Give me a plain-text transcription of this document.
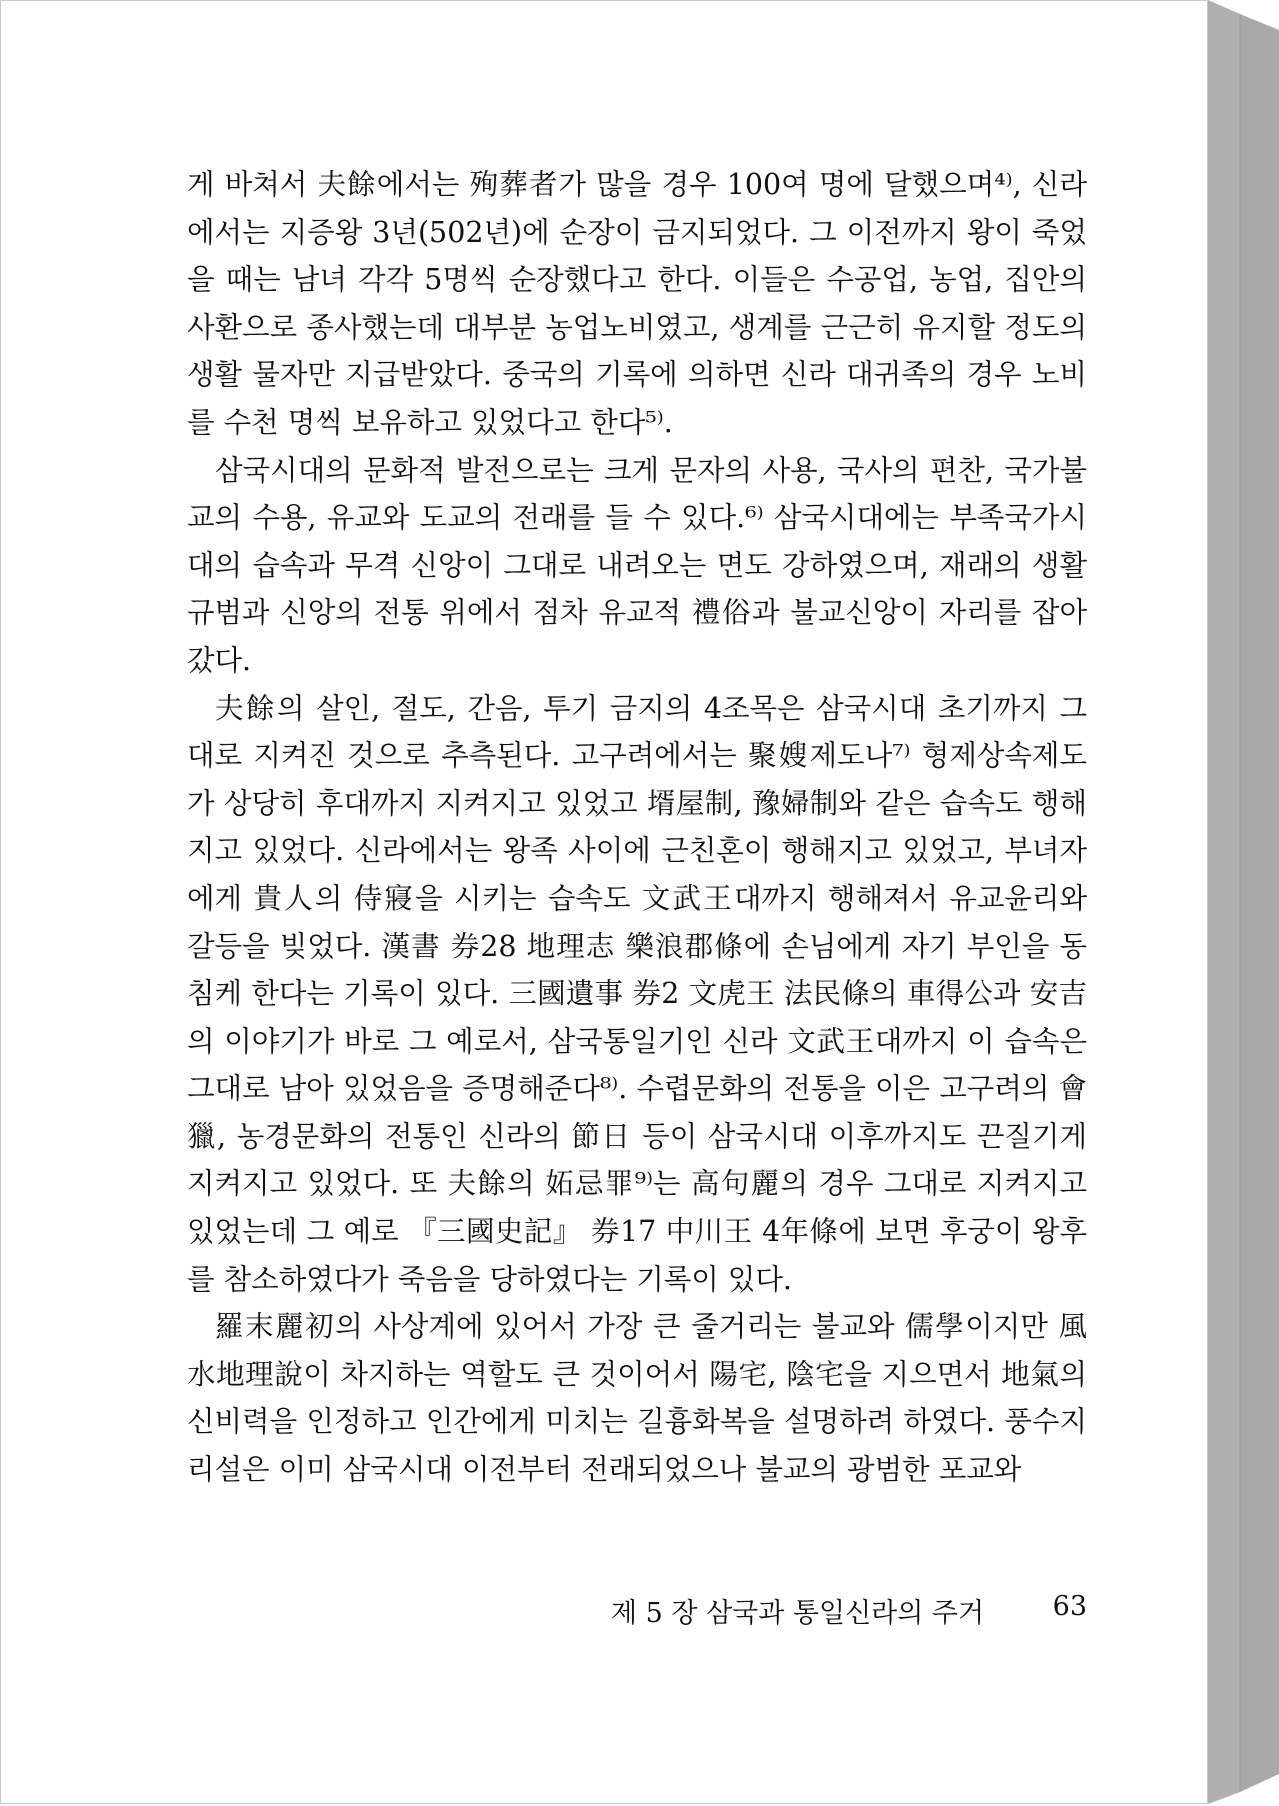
게 바쳐서 夫餘에서는 殉葬者가 많을 경우 100여 명에 달했으며⁴⁾, 신라에서는 지증왕 3년(502년)에 순장이 금지되었다. 그 이전까지 왕이 죽었을 때는 남녀 각각 5명씩 순장했다고 한다. 이들은 수공업, 농업, 집안의 사환으로 종사했는데 대부분 농업노비였고, 생계를 근근히 유지할 정도의 생활 물자만 지급받았다. 중국의 기록에 의하면 신라 대귀족의 경우 노비를 수천 명씩 보유하고 있었다고 한다⁵⁾.

삼국시대의 문화적 발전으로는 크게 문자의 사용, 국사의 편찬, 국가불교의 수용, 유교와 도교의 전래를 들 수 있다.⁶⁾ 삼국시대에는 부족국가시대의 습속과 무격 신앙이 그대로 내려오는 면도 강하였으며, 재래의 생활규범과 신앙의 전통 위에서 점차 유교적 禮俗과 불교신앙이 자리를 잡아 갔다.

夫餘의 살인, 절도, 간음, 투기 금지의 4조목은 삼국시대 초기까지 그대로 지켜진 것으로 추측된다. 고구려에서는 聚嫂제도나⁷⁾ 형제상속제도가 상당히 후대까지 지켜지고 있었고 壻屋制, 豫婦制와 같은 습속도 행해지고 있었다. 신라에서는 왕족 사이에 근친혼이 행해지고 있었고, 부녀자에게 貴人의 侍寢을 시키는 습속도 文武王대까지 행해져서 유교윤리와 갈등을 빚었다. 漢書 券28 地理志 樂浪郡條에 손님에게 자기 부인을 동침케 한다는 기록이 있다. 三國遺事 券2 文虎王 法民條의 車得公과 安吉의 이야기가 바로 그 예로서, 삼국통일기인 신라 文武王대까지 이 습속은 그대로 남아 있었음을 증명해준다⁸⁾. 수렵문화의 전통을 이은 고구려의 會獵, 농경문화의 전통인 신라의 節日 등이 삼국시대 이후까지도 끈질기게 지켜지고 있었다. 또 夫餘의 妬忌罪⁹⁾는 高句麗의 경우 그대로 지켜지고 있었는데 그 예로 『三國史記』 券17 中川王 4年條에 보면 후궁이 왕후를 참소하였다가 죽음을 당하였다는 기록이 있다.

羅末麗初의 사상계에 있어서 가장 큰 줄거리는 불교와 儒學이지만 風水地理說이 차지하는 역할도 큰 것이어서 陽宅, 陰宅을 지으면서 地氣의 신비력을 인정하고 인간에게 미치는 길흉화복을 설명하려 하였다. 풍수지리설은 이미 삼국시대 이전부터 전래되었으나 불교의 광범한 포교와

제 5 장 삼국과 통일신라의 주거	63
